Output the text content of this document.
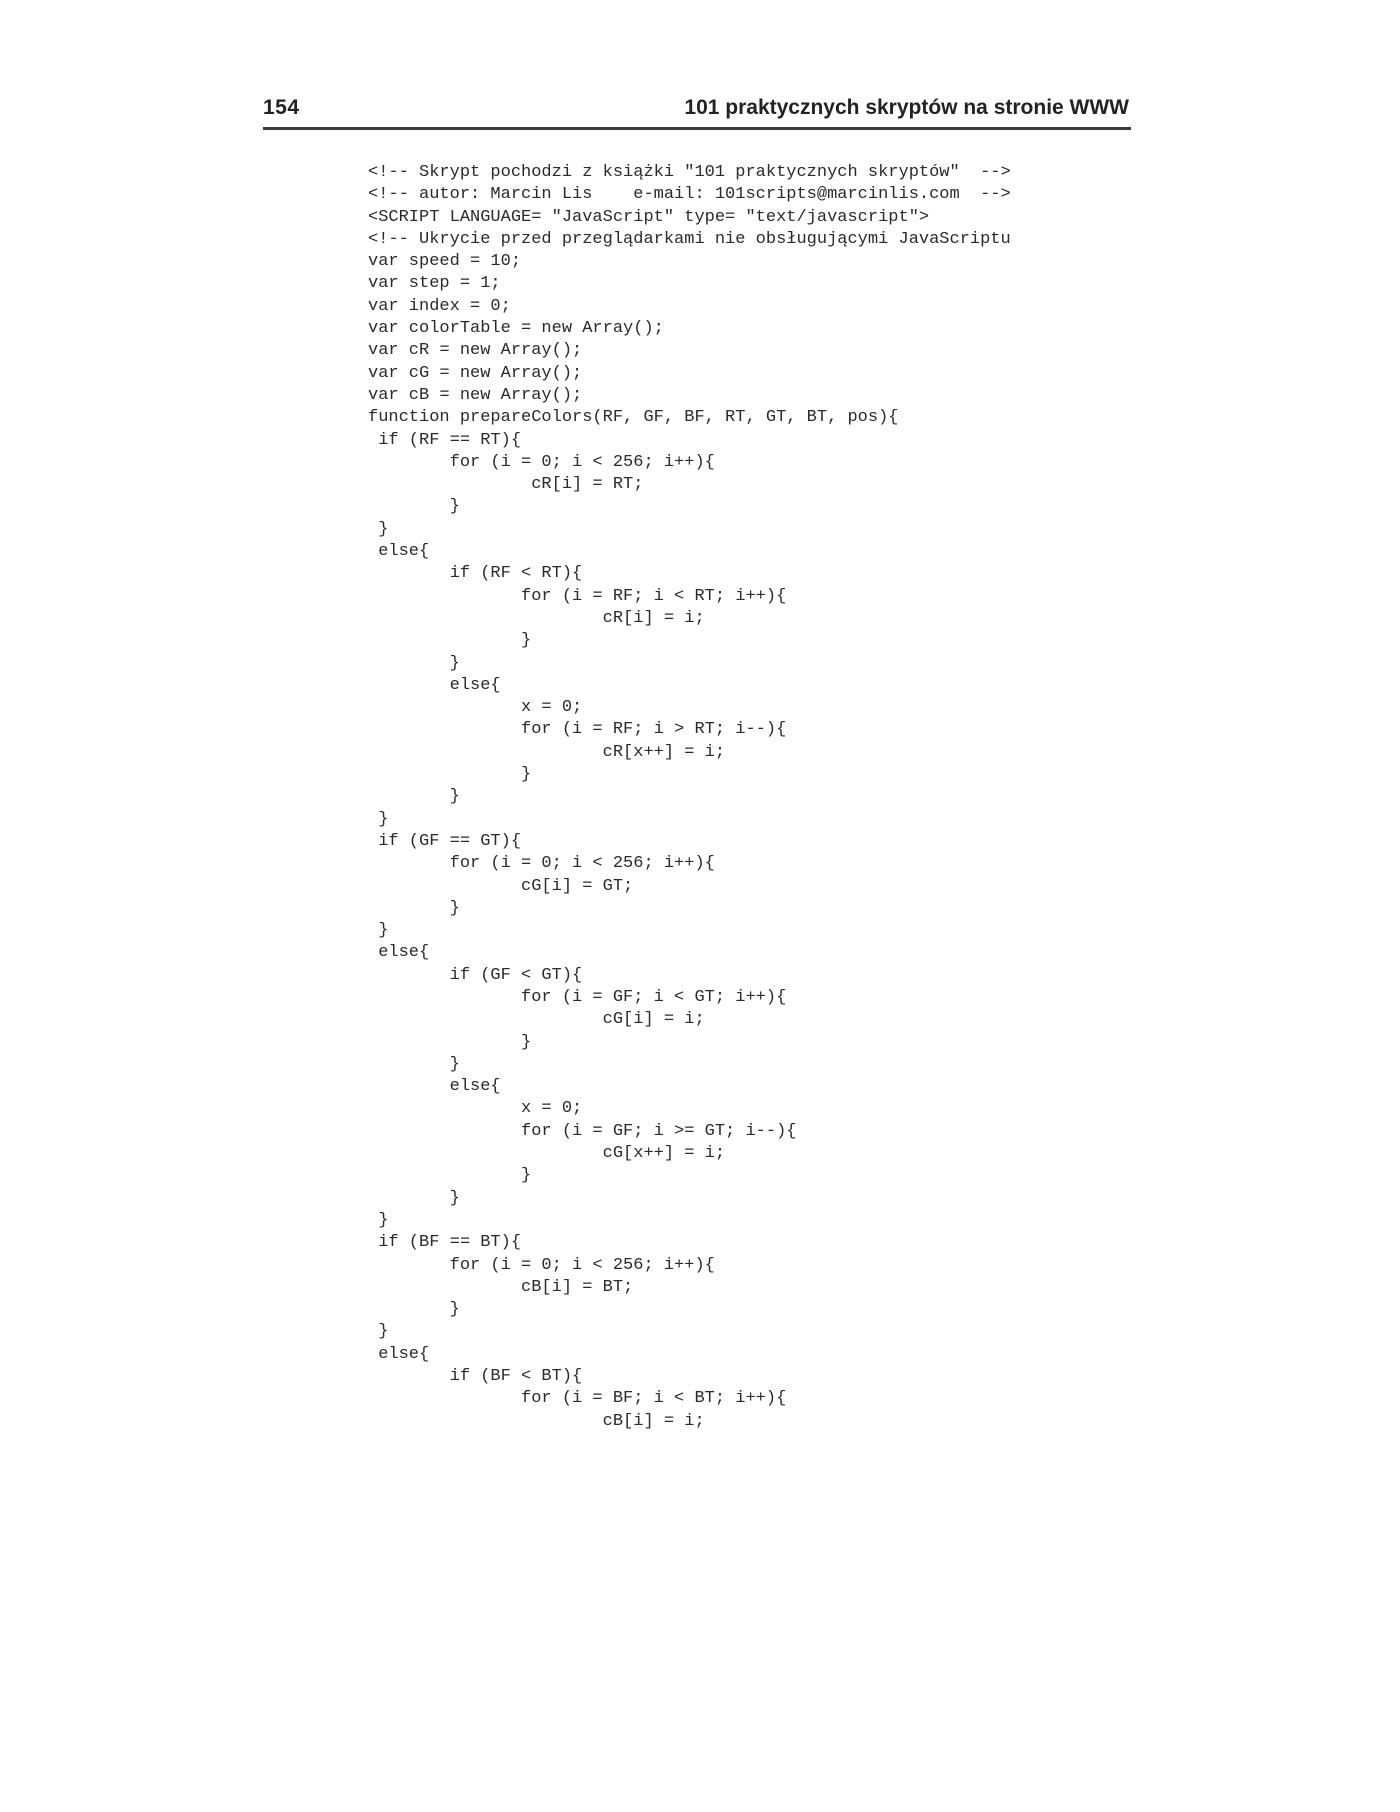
154	101 praktycznych skryptów na stronie WWW
<!-- Skrypt pochodzi z książki "101 praktycznych skryptów"  -->
<!-- autor: Marcin Lis    e-mail: 101scripts@marcinlis.com  -->
<SCRIPT LANGUAGE= "JavaScript" type= "text/javascript">
<!-- Ukrycie przed przeglądarkami nie obsługującymi JavaScriptu
var speed = 10;
var step = 1;
var index = 0;
var colorTable = new Array();
var cR = new Array();
var cG = new Array();
var cB = new Array();
function prepareColors(RF, GF, BF, RT, GT, BT, pos){
if (RF == RT){
for (i = 0; i < 256; i++){
cR[i] = RT;
}
}
else{
if (RF < RT){
for (i = RF; i < RT; i++){
cR[i] = i;
}
}
else{
x = 0;
for (i = RF; i > RT; i--){
cR[x++] = i;
}
}
}
if (GF == GT){
for (i = 0; i < 256; i++){
cG[i] = GT;
}
}
else{
if (GF < GT){
for (i = GF; i < GT; i++){
cG[i] = i;
}
}
else{
x = 0;
for (i = GF; i >= GT; i--){
cG[x++] = i;
}
}
}
if (BF == BT){
for (i = 0; i < 256; i++){
cB[i] = BT;
}
}
else{
if (BF < BT){
for (i = BF; i < BT; i++){
cB[i] = i;
